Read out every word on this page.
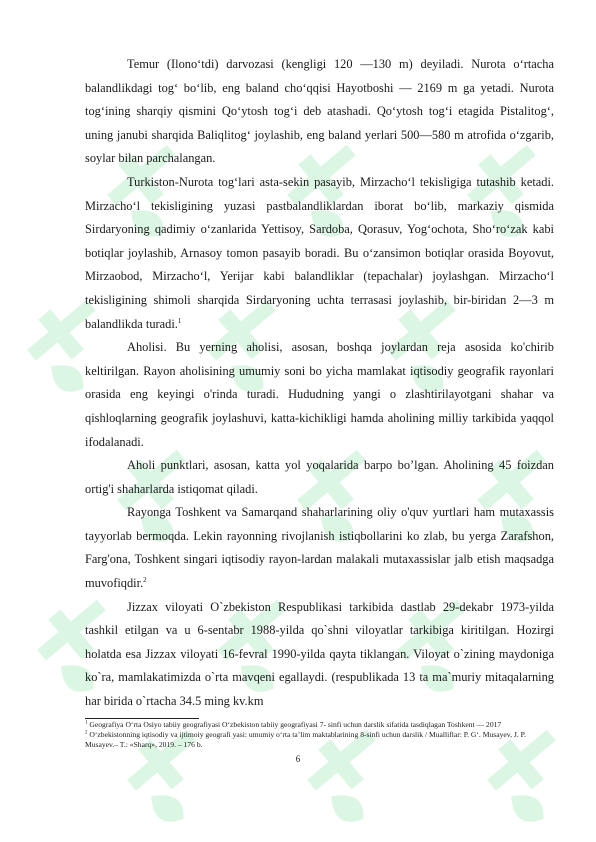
Temur (Ilono‘tdi) darvozasi (kengligi 120 —130 m) deyiladi. Nurota o‘rtacha balandlikdagi tog‘ bo‘lib, eng baland cho‘qqisi Hayotboshi — 2169 m ga yetadi. Nurota tog‘ining sharqiy qismini Qo‘ytosh tog‘i deb atashadi. Qo‘ytosh tog‘i etagida Pistalitog‘, uning janubi sharqida Baliqlitog‘ joylashib, eng baland yerlari 500—580 m atrofida o‘zgarib, soylar bilan parchalangan.

Turkiston-Nurota tog‘lari asta-sekin pasayib, Mirzacho‘l tekisligiga tutashib ketadi. Mirzacho‘l tekisligining yuzasi pastbalandliklardan iborat bo‘lib, markaziy qismida Sirdaryoning qadimiy o‘zanlarida Yettisoy, Sardoba, Qorasuv, Yog‘ochota, Sho‘ro‘zak kabi botiqlar joylashib, Arnasoy tomon pasayib boradi. Bu o‘zansimon botiqlar orasida Boyovut, Mirzaobod, Mirzacho‘l, Yerijar kabi balandliklar (tepachalar) joylashgan. Mirzacho‘l tekisligining shimoli sharqida Sirdaryoning uchta terrasasi joylashib, bir-biridan 2—3 m balandlikda turadi.$^1$

Aholisi. Bu yerning aholisi, asosan, boshqa joylardan reja asosida ko'chirib keltirilgan. Rayon aholisining umumiy soni bo yicha mamlakat iqtisodiy geografik rayonlari orasida eng keyingi o'rinda turadi. Hududning yangi o zlashtirilayotgani shahar va qishloqlarning geografik joylashuvi, katta-kichikligi hamda aholining milliy tarkibida yaqqol ifodalanadi.

Aholi punktlari, asosan, katta yol yoqalarida barpo bo’lgan. Aholining 45 foizdan ortig'i shaharlarda istiqomat qiladi.

Rayonga Toshkent va Samarqand shaharlarining oliy o'quv yurtlari ham mutaxassis tayyorlab bermoqda. Lekin rayonning rivojlanish istiqbollarini ko zlab, bu yerga Zarafshon, Farg'ona, Toshkent singari iqtisodiy rayon-lardan malakali mutaxassislar jalb etish maqsadga muvofiqdir.$^2$

Jizzax viloyati O`zbekiston Respublikasi tarkibida dastlab 29-dekabr 1973-yilda tashkil etilgan va u 6-sentabr 1988-yilda qo`shni viloyatlar tarkibiga kiritilgan. Hozirgi holatda esa Jizzax viloyati 16-fevral 1990-yilda qayta tiklangan. Viloyat o`zining maydoniga ko`ra, mamlakatimizda o`rta mavqeni egallaydi. (respublikada 13 ta ma`muriy mitaqalarning har birida o`rtacha 34.5 ming kv.km

$^1$ Geografiya O‘rta Osiyo tabiiy geografiyasi O‘zbekiston tabiiy geografiyasi 7- sinfi uchun darslik sifatida tasdiqlagan Toshkent — 2017

$^2$ O‘zbekistonning iqtisodiy va ijtimoiy geografi yasi: umumiy o‘rta ta’lim maktablarining 8-sinfi uchun darslik / Mualliflar: P. G‘. Musayev, J. P. Musayev.– T.: «Sharq», 2019. – 176 b.

6
